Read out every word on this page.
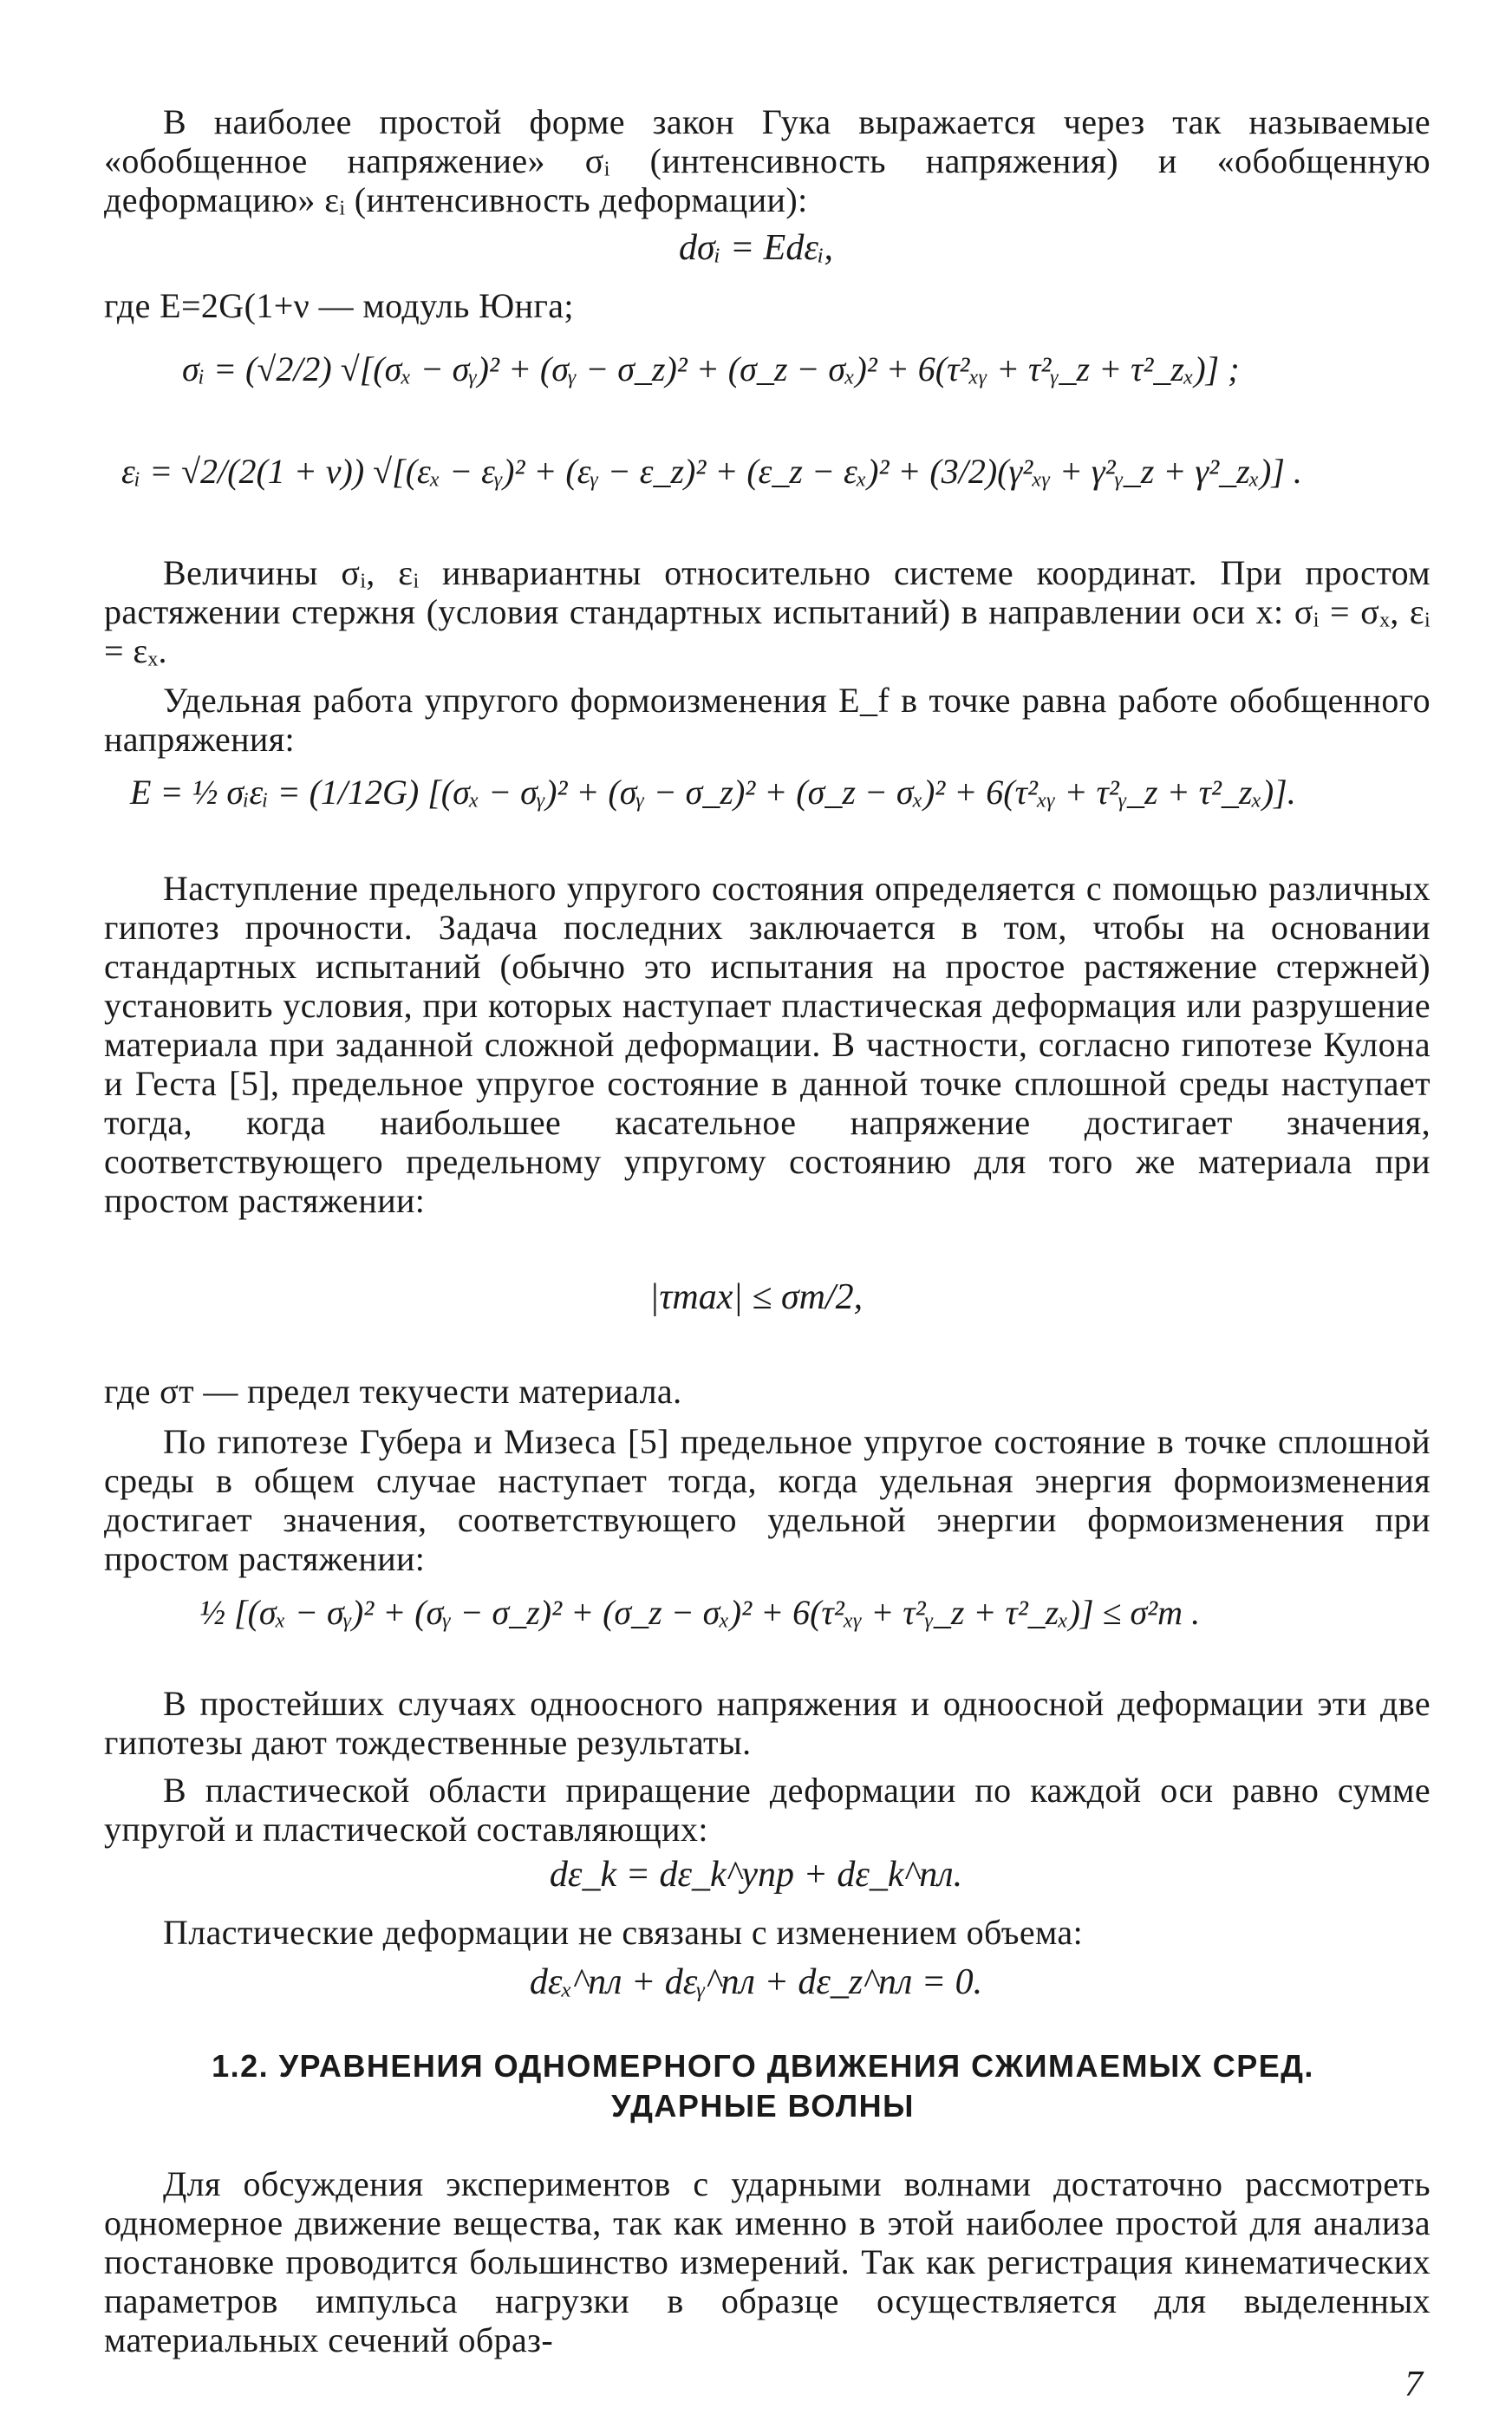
В наиболее простой форме закон Гука выражается через так называемые «обобщенное напряжение» σᵢ (интенсивность напряжения) и «обобщенную деформацию» εᵢ (интенсивность деформации):

dσᵢ = Edεᵢ,

где E=2G(1+ν — модуль Юнга;

σᵢ = (√2/2) √[(σₓ − σᵧ)² + (σᵧ − σ_z)² + (σ_z − σₓ)² + 6(τ²ₓᵧ + τ²ᵧ_z + τ²_zₓ)] ;

εᵢ = √2/(2(1 + ν)) √[(εₓ − εᵧ)² + (εᵧ − ε_z)² + (ε_z − εₓ)² + (3/2)(γ²ₓᵧ + γ²ᵧ_z + γ²_zₓ)] .

Величины σᵢ, εᵢ инвариантны относительно системе координат. При простом растяжении стержня (условия стандартных испытаний) в направлении оси x: σᵢ = σₓ, εᵢ = εₓ.

Удельная работа упругого формоизменения E_f в точке равна работе обобщенного напряжения:

E = ½ σᵢεᵢ = (1/12G) [(σₓ − σᵧ)² + (σᵧ − σ_z)² + (σ_z − σₓ)² + 6(τ²ₓᵧ + τ²ᵧ_z + τ²_zₓ)].

Наступление предельного упругого состояния определяется с помощью различных гипотез прочности. Задача последних заключается в том, чтобы на основании стандартных испытаний (обычно это испытания на простое растяжение стержней) установить условия, при которых наступает пластическая деформация или разрушение материала при заданной сложной деформации. В частности, согласно гипотезе Кулона и Геста [5], предельное упругое состояние в данной точке сплошной среды наступает тогда, когда наибольшее касательное напряжение достигает значения, соответствующего предельному упругому состоянию для того же материала при простом растяжении:

|τmax| ≤ σт/2,

где σт — предел текучести материала.

По гипотезе Губера и Мизеса [5] предельное упругое состояние в точке сплошной среды в общем случае наступает тогда, когда удельная энергия формоизменения достигает значения, соответствующего удельной энергии формоизменения при простом растяжении:

½ [(σₓ − σᵧ)² + (σᵧ − σ_z)² + (σ_z − σₓ)² + 6(τ²ₓᵧ + τ²ᵧ_z + τ²_zₓ)] ≤ σ²т .

В простейших случаях одноосного напряжения и одноосной деформации эти две гипотезы дают тождественные результаты.

В пластической области приращение деформации по каждой оси равно сумме упругой и пластической составляющих:

dε_k = dε_k^упр + dε_k^пл.

Пластические деформации не связаны с изменением объема:

dεₓ^пл + dεᵧ^пл + dε_z^пл = 0.

1.2. УРАВНЕНИЯ ОДНОМЕРНОГО ДВИЖЕНИЯ СЖИМАЕМЫХ СРЕД. УДАРНЫЕ ВОЛНЫ

Для обсуждения экспериментов с ударными волнами достаточно рассмотреть одномерное движение вещества, так как именно в этой наиболее простой для анализа постановке проводится большинство измерений. Так как регистрация кинематических параметров импульса нагрузки в образце осуществляется для выделенных материальных сечений образ-

7
